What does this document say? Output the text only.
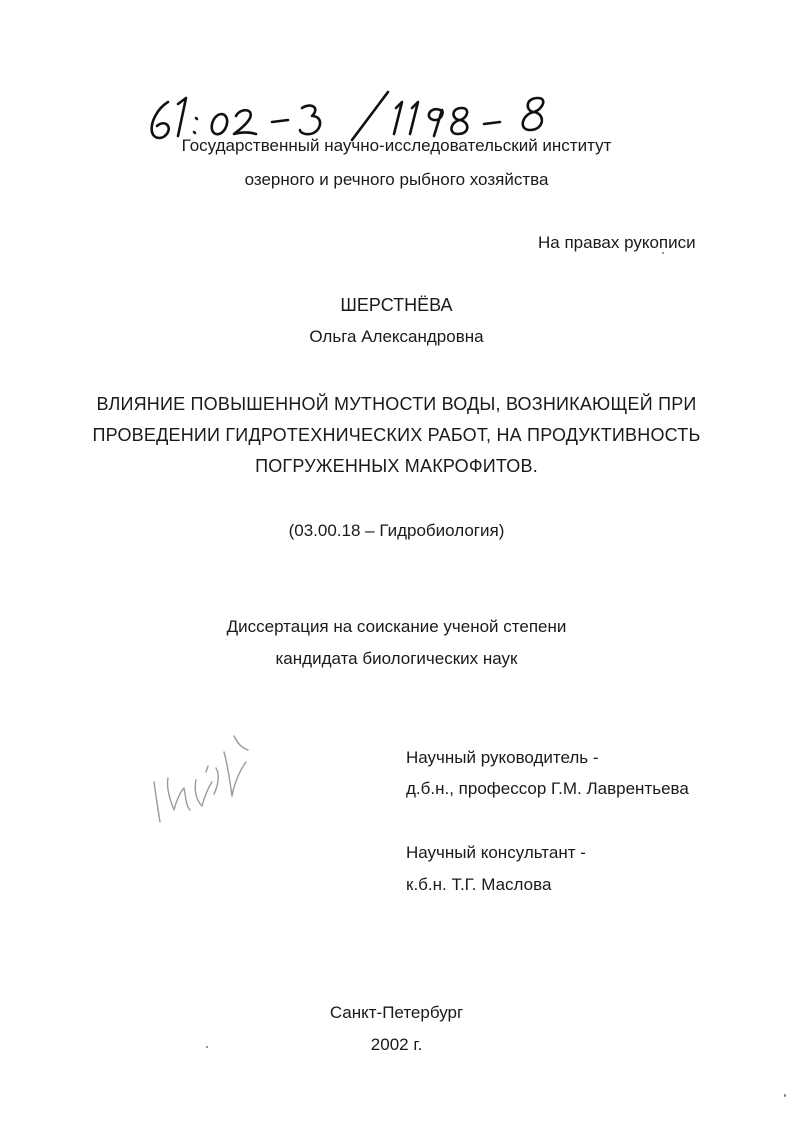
Государственный научно-исследовательский институт
озерного и речного рыбного хозяйства
На правах рукописи
ШЕРСТНЁВА
Ольга Александровна
ВЛИЯНИЕ ПОВЫШЕННОЙ МУТНОСТИ ВОДЫ, ВОЗНИКАЮЩЕЙ ПРИ
ПРОВЕДЕНИИ ГИДРОТЕХНИЧЕСКИХ РАБОТ, НА ПРОДУКТИВНОСТЬ
ПОГРУЖЕННЫХ МАКРОФИТОВ.
(03.00.18 – Гидробиология)
Диссертация на соискание ученой степени
кандидата биологических наук
Научный руководитель -
д.б.н., профессор Г.М. Лаврентьева
Научный консультант -
к.б.н. Т.Г. Маслова
Санкт-Петербург
2002 г.
